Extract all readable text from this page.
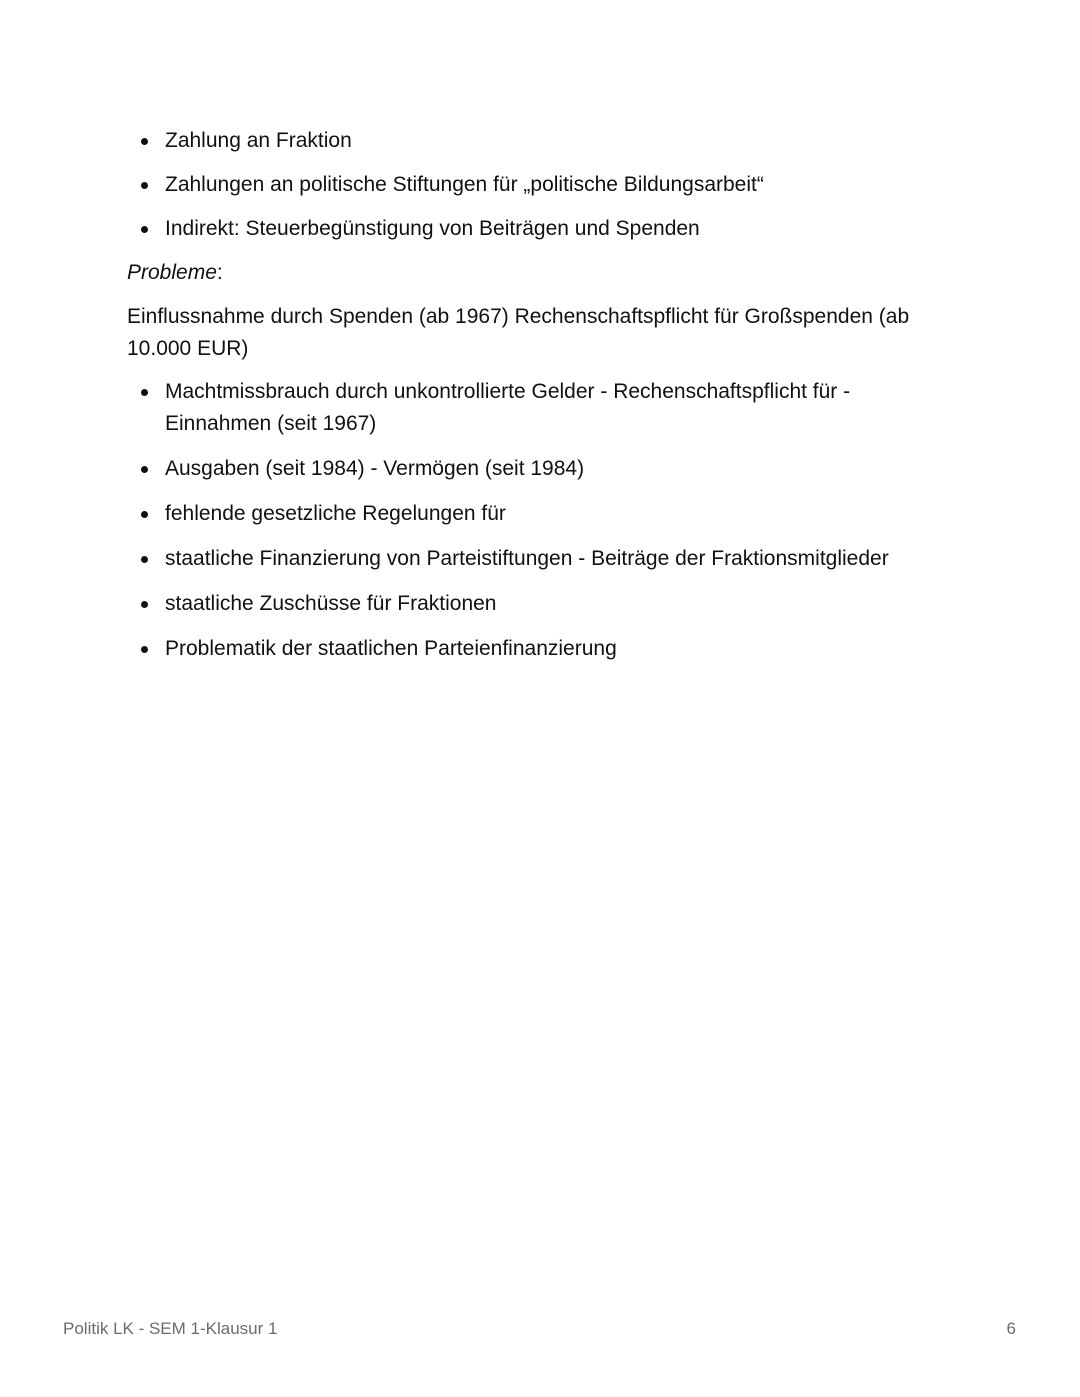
Zahlung an Fraktion
Zahlungen an politische Stiftungen für „politische Bildungsarbeit“
Indirekt: Steuerbegünstigung von Beiträgen und Spenden

Probleme:

Einflussnahme durch Spenden (ab 1967) Rechenschaftspflicht für Großspenden (ab 10.000 EUR)

Machtmissbrauch durch unkontrollierte Gelder - Rechenschaftspflicht für - Einnahmen (seit 1967)
Ausgaben (seit 1984) - Vermögen (seit 1984)
fehlende gesetzliche Regelungen für
staatliche Finanzierung von Parteistiftungen - Beiträge der Fraktionsmitglieder
staatliche Zuschüsse für Fraktionen
Problematik der staatlichen Parteienfinanzierung
Politik LK - SEM 1-Klausur 1	6
